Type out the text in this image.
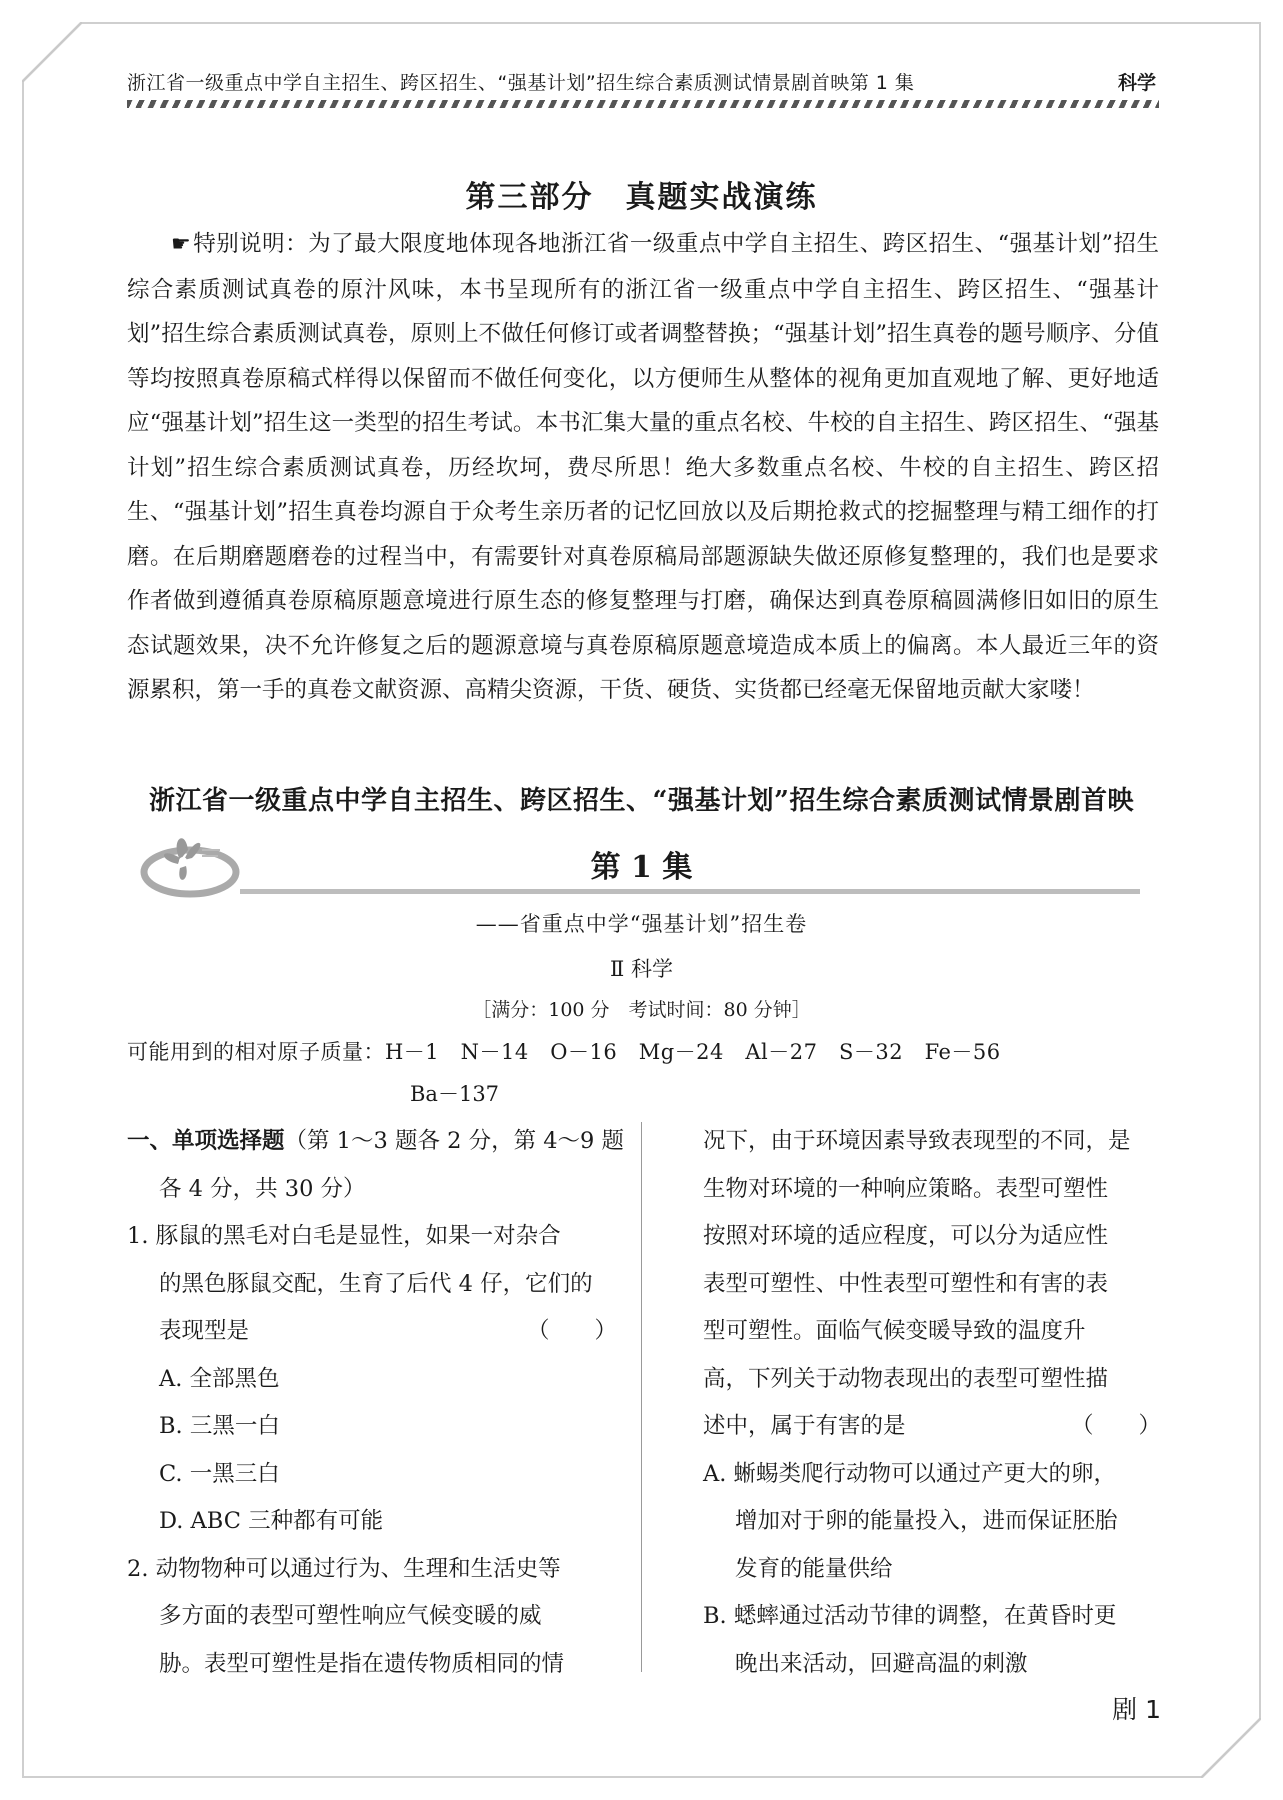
浙江省一级重点中学自主招生、跨区招生、“强基计划”招生综合素质测试情景剧首映第 1 集	科学
第三部分　真题实战演练

☛特别说明：为了最大限度地体现各地浙江省一级重点中学自主招生、跨区招生、“强基计划”招生综合素质测试真卷的原汁风味，本书呈现所有的浙江省一级重点中学自主招生、跨区招生、“强基计划”招生综合素质测试真卷，原则上不做任何修订或者调整替换；“强基计划”招生真卷的题号顺序、分值等均按照真卷原稿式样得以保留而不做任何变化，以方便师生从整体的视角更加直观地了解、更好地适应“强基计划”招生这一类型的招生考试。本书汇集大量的重点名校、牛校的自主招生、跨区招生、“强基计划”招生综合素质测试真卷，历经坎坷，费尽所思！绝大多数重点名校、牛校的自主招生、跨区招生、“强基计划”招生真卷均源自于众考生亲历者的记忆回放以及后期抢救式的挖掘整理与精工细作的打磨。在后期磨题磨卷的过程当中，有需要针对真卷原稿局部题源缺失做还原修复整理的，我们也是要求作者做到遵循真卷原稿原题意境进行原生态的修复整理与打磨，确保达到真卷原稿圆满修旧如旧的原生态试题效果，决不允许修复之后的题源意境与真卷原稿原题意境造成本质上的偏离。本人最近三年的资源累积，第一手的真卷文献资源、高精尖资源，干货、硬货、实货都已经毫无保留地贡献大家喽！

浙江省一级重点中学自主招生、跨区招生、“强基计划”招生综合素质测试情景剧首映
第 1 集
——省重点中学“强基计划”招生卷
Ⅱ 科学
［满分：100 分　考试时间：80 分钟］
可能用到的相对原子质量：H－1　N－14　O－16　Mg－24　Al－27　S－32　Fe－56
Ba－137
一、单项选择题（第 1～3 题各 2 分，第 4～9 题
各 4 分，共 30 分）
1. 豚鼠的黑毛对白毛是显性，如果一对杂合
的黑色豚鼠交配，生育了后代 4 仔，它们的
表现型是	（　　）
A. 全部黑色
B. 三黑一白
C. 一黑三白
D. ABC 三种都有可能
2. 动物物种可以通过行为、生理和生活史等
多方面的表型可塑性响应气候变暖的威
胁。表型可塑性是指在遗传物质相同的情
况下，由于环境因素导致表现型的不同，是
生物对环境的一种响应策略。表型可塑性
按照对环境的适应程度，可以分为适应性
表型可塑性、中性表型可塑性和有害的表
型可塑性。面临气候变暖导致的温度升
高，下列关于动物表现出的表型可塑性描
述中，属于有害的是	（　　）
A. 蜥蜴类爬行动物可以通过产更大的卵，
增加对于卵的能量投入，进而保证胚胎
发育的能量供给
B. 蟋蟀通过活动节律的调整，在黄昏时更
晚出来活动，回避高温的刺激
剧 1
